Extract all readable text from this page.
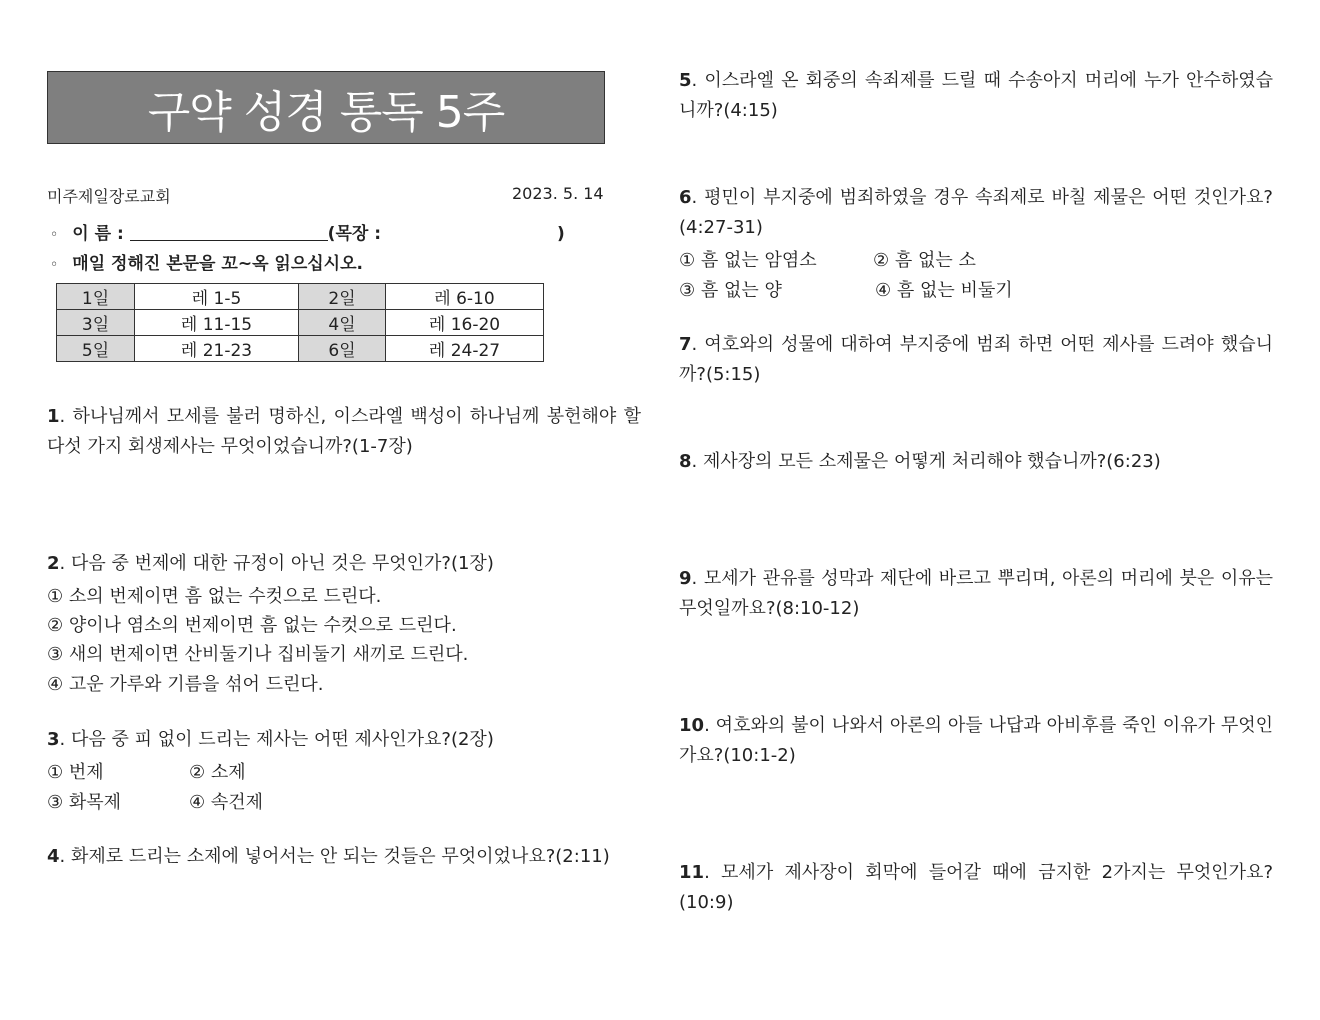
구약 성경 통독 5주
미주제일장로교회	2023. 5. 14
◦ 이 름 :	(목장 :	)
◦ 매일 정해진 본문을 꼬~옥 읽으십시오.
1일	레 1-5	2일	레 6-10
3일	레 11-15	4일	레 16-20
5일	레 21-23	6일	레 24-27
1. 하나님께서 모세를 불러 명하신, 이스라엘 백성이 하나님께 봉헌해야 할 다섯 가지 회생제사는 무엇이었습니까?(1-7장)
2. 다음 중 번제에 대한 규정이 아닌 것은 무엇인가?(1장)
① 소의 번제이면 흠 없는 수컷으로 드린다.
② 양이나 염소의 번제이면 흠 없는 수컷으로 드린다.
③ 새의 번제이면 산비둘기나 집비둘기 새끼로 드린다.
④ 고운 가루와 기름을 섞어 드린다.
3. 다음 중 피 없이 드리는 제사는 어떤 제사인가요?(2장)
① 번제	② 소제
③ 화목제	④ 속건제
4. 화제로 드리는 소제에 넣어서는 안 되는 것들은 무엇이었나요?(2:11)
5. 이스라엘 온 회중의 속죄제를 드릴 때 수송아지 머리에 누가 안수하였습니까?(4:15)
6. 평민이 부지중에 범죄하였을 경우 속죄제로 바칠 제물은 어떤 것인가요?(4:27-31)
① 흠 없는 암염소	② 흠 없는 소
③ 흠 없는 양	④ 흠 없는 비둘기
7. 여호와의 성물에 대하여 부지중에 범죄 하면 어떤 제사를 드려야 했습니까?(5:15)
8. 제사장의 모든 소제물은 어떻게 처리해야 했습니까?(6:23)
9. 모세가 관유를 성막과 제단에 바르고 뿌리며, 아론의 머리에 붓은 이유는 무엇일까요?(8:10-12)
10. 여호와의 불이 나와서 아론의 아들 나답과 아비후를 죽인 이유가 무엇인가요?(10:1-2)
11. 모세가 제사장이 회막에 들어갈 때에 금지한 2가지는 무엇인가요?(10:9)
